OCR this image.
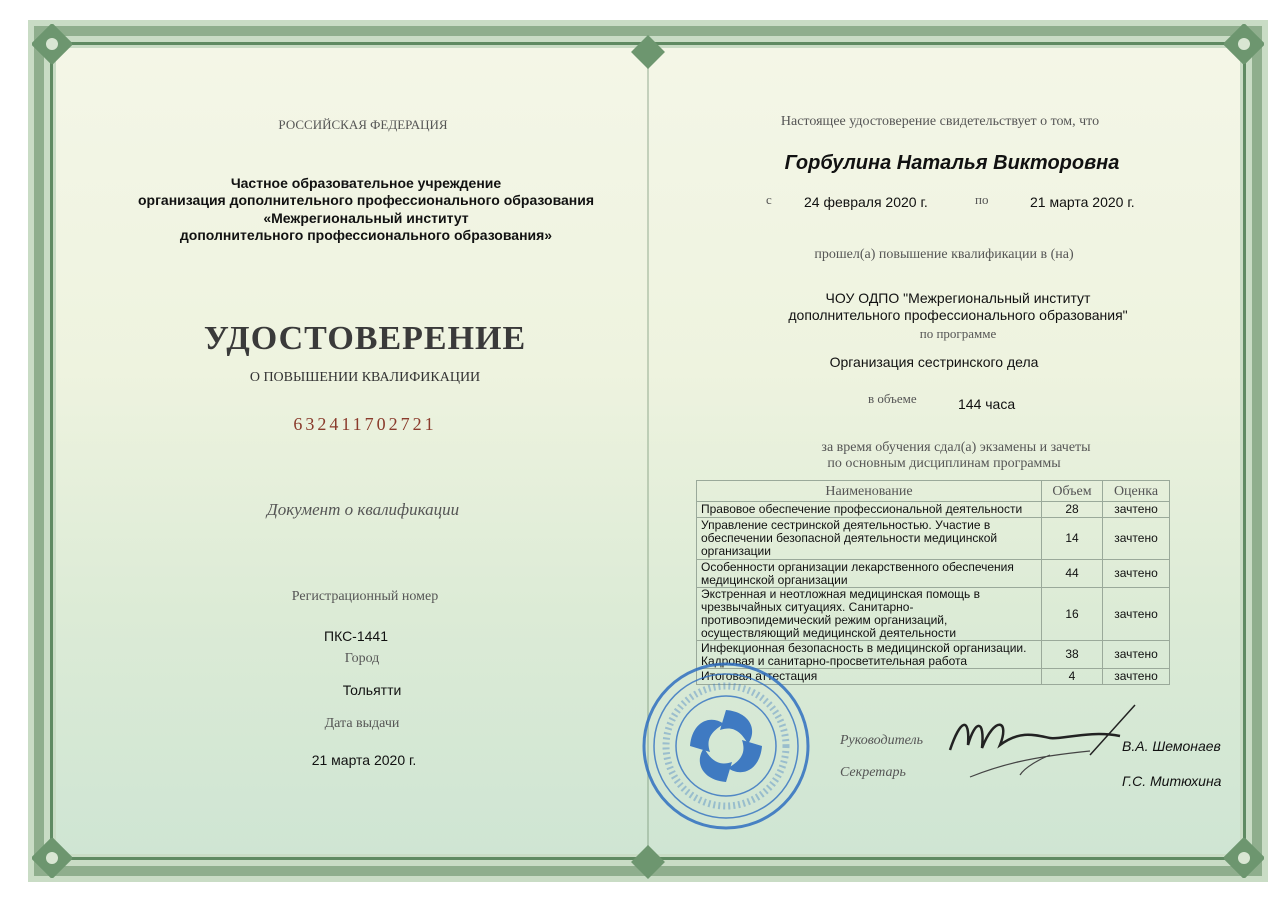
РОССИЙСКАЯ ФЕДЕРАЦИЯ
Частное образовательное учреждение
организация дополнительного профессионального образования
«Межрегиональный институт
дополнительного профессионального образования»
УДОСТОВЕРЕНИЕ
О ПОВЫШЕНИИ КВАЛИФИКАЦИИ
632411702721
Документ о квалификации
Регистрационный номер
ПКС-1441
Город
Тольятти
Дата выдачи
21 марта 2020 г.
Настоящее удостоверение свидетельствует о том, что
Горбулина Наталья Викторовна
с 24 февраля 2020 г.	по	21 марта 2020 г.
прошел(а) повышение квалификации в (на)
ЧОУ ОДПО "Межрегиональный институт
дополнительного профессионального образования"
по программе
Организация сестринского дела
в объеме	144 часа
за время обучения сдал(а) экзамены и зачеты
по основным дисциплинам программы
Наименование	Объем	Оценка
Правовое обеспечение профессиональной деятельности	28	зачтено
Управление сестринской деятельностью. Участие в обеспечении безопасной деятельности медицинской организации	14	зачтено
Особенности организации лекарственного обеспечения медицинской организации	44	зачтено
Экстренная и неотложная медицинская помощь в чрезвычайных ситуациях. Санитарно-противоэпидемический режим организаций, осуществляющий медицинской деятельности	16	зачтено
Инфекционная безопасность в медицинской организации. Кадровая и санитарно-просветительная работа	38	зачтено
Итоговая аттестация	4	зачтено
Руководитель
Секретарь
В.А. Шемонаев
Г.С. Митюхина
